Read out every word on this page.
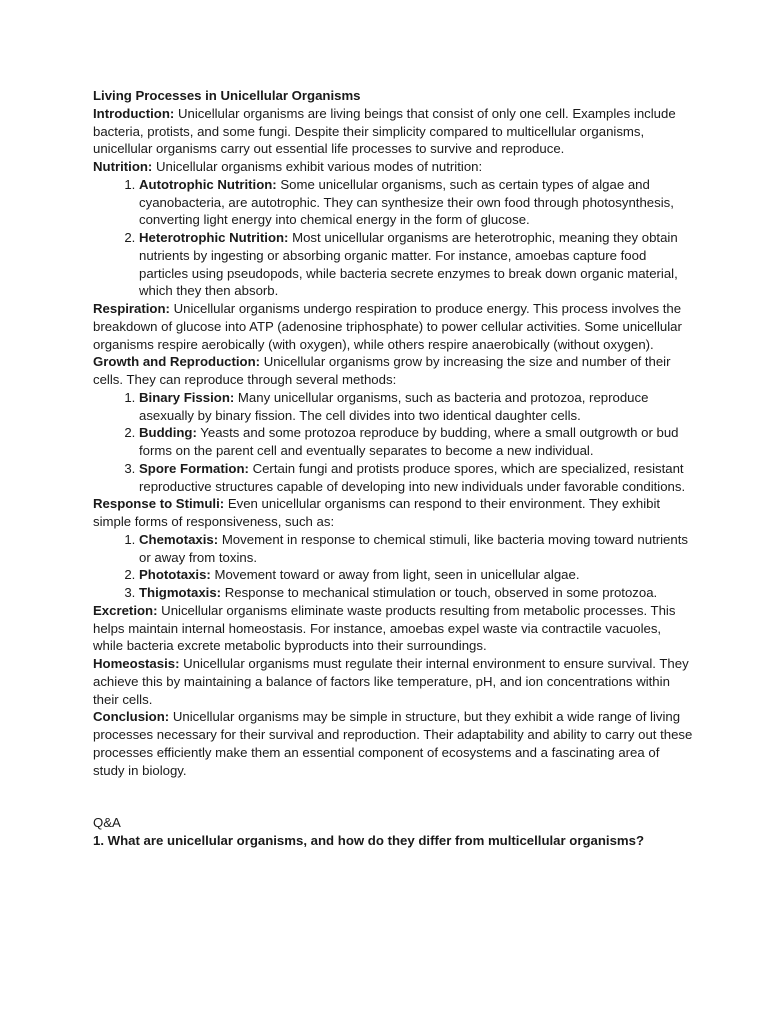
Living Processes in Unicellular Organisms

Introduction: Unicellular organisms are living beings that consist of only one cell. Examples include bacteria, protists, and some fungi. Despite their simplicity compared to multicellular organisms, unicellular organisms carry out essential life processes to survive and reproduce.

Nutrition: Unicellular organisms exhibit various modes of nutrition:

1. Autotrophic Nutrition: Some unicellular organisms, such as certain types of algae and cyanobacteria, are autotrophic. They can synthesize their own food through photosynthesis, converting light energy into chemical energy in the form of glucose.
2. Heterotrophic Nutrition: Most unicellular organisms are heterotrophic, meaning they obtain nutrients by ingesting or absorbing organic matter. For instance, amoebas capture food particles using pseudopods, while bacteria secrete enzymes to break down organic material, which they then absorb.

Respiration: Unicellular organisms undergo respiration to produce energy. This process involves the breakdown of glucose into ATP (adenosine triphosphate) to power cellular activities. Some unicellular organisms respire aerobically (with oxygen), while others respire anaerobically (without oxygen).

Growth and Reproduction: Unicellular organisms grow by increasing the size and number of their cells. They can reproduce through several methods:

1. Binary Fission: Many unicellular organisms, such as bacteria and protozoa, reproduce asexually by binary fission. The cell divides into two identical daughter cells.
2. Budding: Yeasts and some protozoa reproduce by budding, where a small outgrowth or bud forms on the parent cell and eventually separates to become a new individual.
3. Spore Formation: Certain fungi and protists produce spores, which are specialized, resistant reproductive structures capable of developing into new individuals under favorable conditions.

Response to Stimuli: Even unicellular organisms can respond to their environment. They exhibit simple forms of responsiveness, such as:

1. Chemotaxis: Movement in response to chemical stimuli, like bacteria moving toward nutrients or away from toxins.
2. Phototaxis: Movement toward or away from light, seen in unicellular algae.
3. Thigmotaxis: Response to mechanical stimulation or touch, observed in some protozoa.

Excretion: Unicellular organisms eliminate waste products resulting from metabolic processes. This helps maintain internal homeostasis. For instance, amoebas expel waste via contractile vacuoles, while bacteria excrete metabolic byproducts into their surroundings.

Homeostasis: Unicellular organisms must regulate their internal environment to ensure survival. They achieve this by maintaining a balance of factors like temperature, pH, and ion concentrations within their cells.

Conclusion: Unicellular organisms may be simple in structure, but they exhibit a wide range of living processes necessary for their survival and reproduction. Their adaptability and ability to carry out these processes efficiently make them an essential component of ecosystems and a fascinating area of study in biology.

Q&A

1. What are unicellular organisms, and how do they differ from multicellular organisms?
